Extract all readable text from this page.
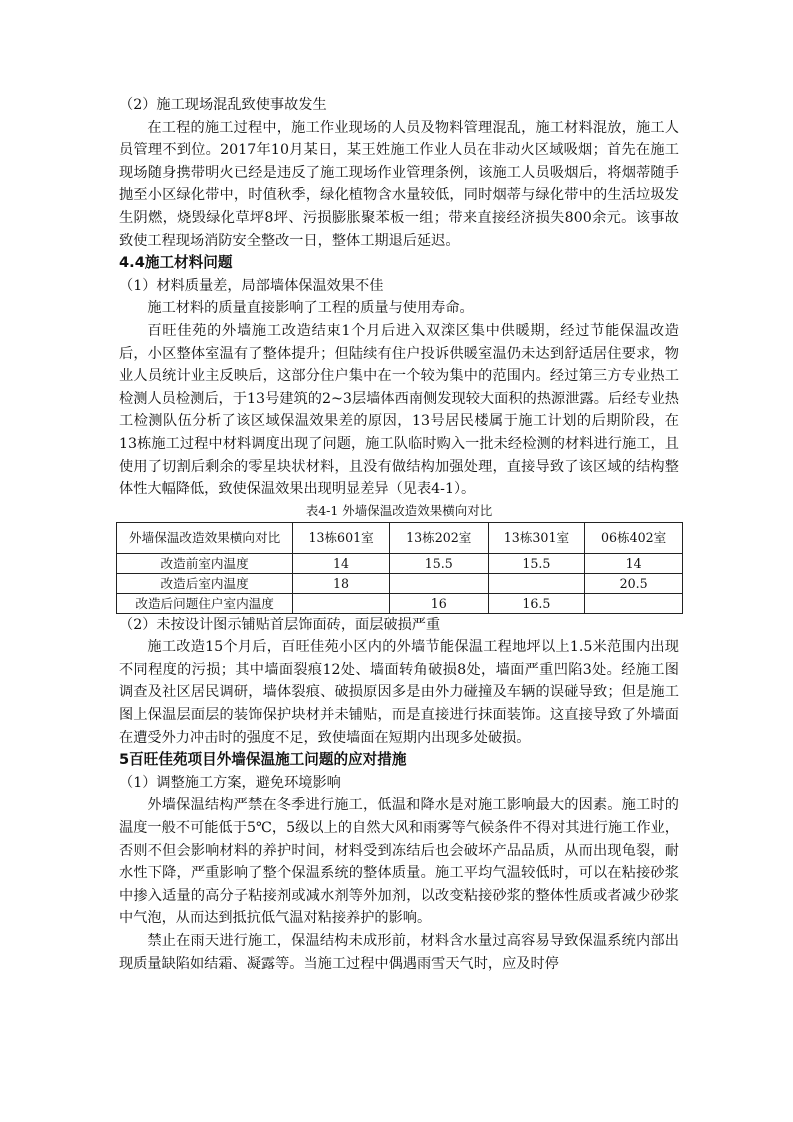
（2）施工现场混乱致使事故发生

在工程的施工过程中，施工作业现场的人员及物料管理混乱，施工材料混放，施工人员管理不到位。2017年10月某日，某王姓施工作业人员在非动火区域吸烟；首先在施工现场随身携带明火已经是违反了施工现场作业管理条例，该施工人员吸烟后，将烟蒂随手抛至小区绿化带中，时值秋季，绿化植物含水量较低，同时烟蒂与绿化带中的生活垃圾发生阴燃，烧毁绿化草坪8坪、污损膨胀聚苯板一组；带来直接经济损失800余元。该事故致使工程现场消防安全整改一日，整体工期退后延迟。

4.4施工材料问题

（1）材料质量差，局部墙体保温效果不佳

施工材料的质量直接影响了工程的质量与使用寿命。

百旺佳苑的外墙施工改造结束1个月后进入双滦区集中供暖期，经过节能保温改造后，小区整体室温有了整体提升；但陆续有住户投诉供暖室温仍未达到舒适居住要求，物业人员统计业主反映后，这部分住户集中在一个较为集中的范围内。经过第三方专业热工检测人员检测后，于13号建筑的2~3层墙体西南侧发现较大面积的热源泄露。后经专业热工检测队伍分析了该区域保温效果差的原因，13号居民楼属于施工计划的后期阶段，在13栋施工过程中材料调度出现了问题，施工队临时购入一批未经检测的材料进行施工，且使用了切割后剩余的零星块状材料，且没有做结构加强处理，直接导致了该区域的结构整体性大幅降低，致使保温效果出现明显差异（见表4-1）。

表4-1 外墙保温改造效果横向对比
外墙保温改造效果横向对比	13栋601室	13栋202室	13栋301室	06栋402室
改造前室内温度	14	15.5	15.5	14
改造后室内温度	18			20.5
改造后问题住户室内温度		16	16.5	

（2）未按设计图示铺贴首层饰面砖，面层破损严重

施工改造15个月后，百旺佳苑小区内的外墙节能保温工程地坪以上1.5米范围内出现不同程度的污损；其中墙面裂痕12处、墙面转角破损8处，墙面严重凹陷3处。经施工图调查及社区居民调研，墙体裂痕、破损原因多是由外力碰撞及车辆的误碰导致；但是施工图上保温层面层的装饰保护块材并未铺贴，而是直接进行抹面装饰。这直接导致了外墙面在遭受外力冲击时的强度不足，致使墙面在短期内出现多处破损。

5百旺佳苑项目外墙保温施工问题的应对措施

（1）调整施工方案，避免环境影响

外墙保温结构严禁在冬季进行施工，低温和降水是对施工影响最大的因素。施工时的温度一般不可能低于5℃，5级以上的自然大风和雨雾等气候条件不得对其进行施工作业，否则不但会影响材料的养护时间，材料受到冻结后也会破坏产品品质，从而出现龟裂，耐水性下降，严重影响了整个保温系统的整体质量。施工平均气温较低时，可以在粘接砂浆中掺入适量的高分子粘接剂或减水剂等外加剂，以改变粘接砂浆的整体性质或者减少砂浆中气泡，从而达到抵抗低气温对粘接养护的影响。

禁止在雨天进行施工，保温结构未成形前，材料含水量过高容易导致保温系统内部出现质量缺陷如结霜、凝露等。当施工过程中偶遇雨雪天气时，应及时停
